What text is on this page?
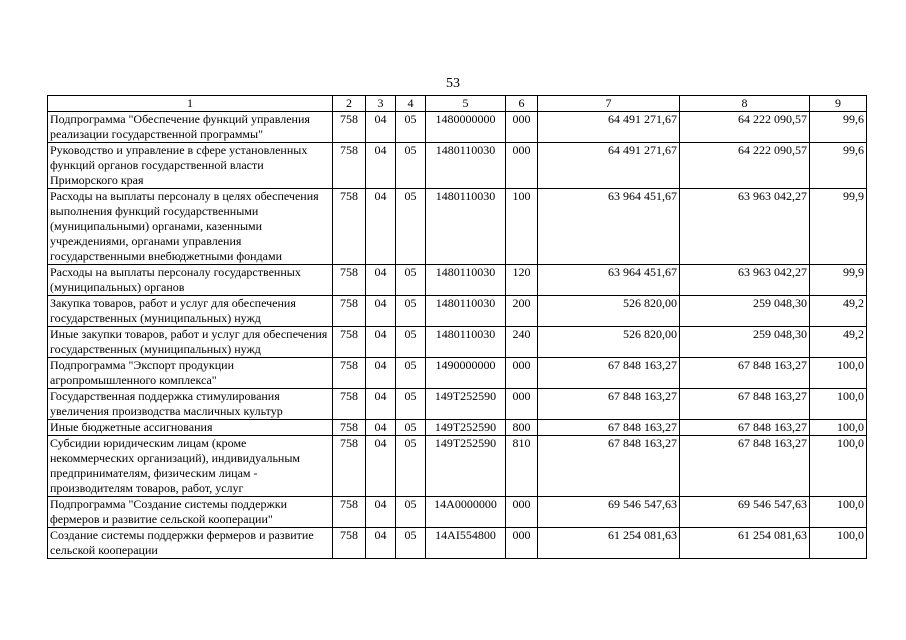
53
1	2	3	4	5	6	7	8	9
Подпрограмма "Обеспечение функций управления реализации государственной программы"	758	04	05	1480000000	000	64 491 271,67	64 222 090,57	99,6
Руководство и управление в сфере установленных функций органов государственной власти Приморского края	758	04	05	1480110030	000	64 491 271,67	64 222 090,57	99,6
Расходы на выплаты персоналу в целях обеспечения выполнения функций государственными (муниципальными) органами, казенными учреждениями, органами управления государственными внебюджетными фондами	758	04	05	1480110030	100	63 964 451,67	63 963 042,27	99,9
Расходы на выплаты персоналу государственных (муниципальных) органов	758	04	05	1480110030	120	63 964 451,67	63 963 042,27	99,9
Закупка товаров, работ и услуг для обеспечения государственных (муниципальных) нужд	758	04	05	1480110030	200	526 820,00	259 048,30	49,2
Иные закупки товаров, работ и услуг для обеспечения государственных (муниципальных) нужд	758	04	05	1480110030	240	526 820,00	259 048,30	49,2
Подпрограмма "Экспорт продукции агропромышленного комплекса"	758	04	05	1490000000	000	67 848 163,27	67 848 163,27	100,0
Государственная поддержка стимулирования увеличения производства масличных культур	758	04	05	149T252590	000	67 848 163,27	67 848 163,27	100,0
Иные бюджетные ассигнования	758	04	05	149T252590	800	67 848 163,27	67 848 163,27	100,0
Субсидии юридическим лицам (кроме некоммерческих организаций), индивидуальным предпринимателям, физическим лицам - производителям товаров, работ, услуг	758	04	05	149T252590	810	67 848 163,27	67 848 163,27	100,0
Подпрограмма "Создание системы поддержки фермеров и развитие сельской кооперации"	758	04	05	14A0000000	000	69 546 547,63	69 546 547,63	100,0
Создание системы поддержки фермеров и развитие сельской кооперации	758	04	05	14AI554800	000	61 254 081,63	61 254 081,63	100,0
